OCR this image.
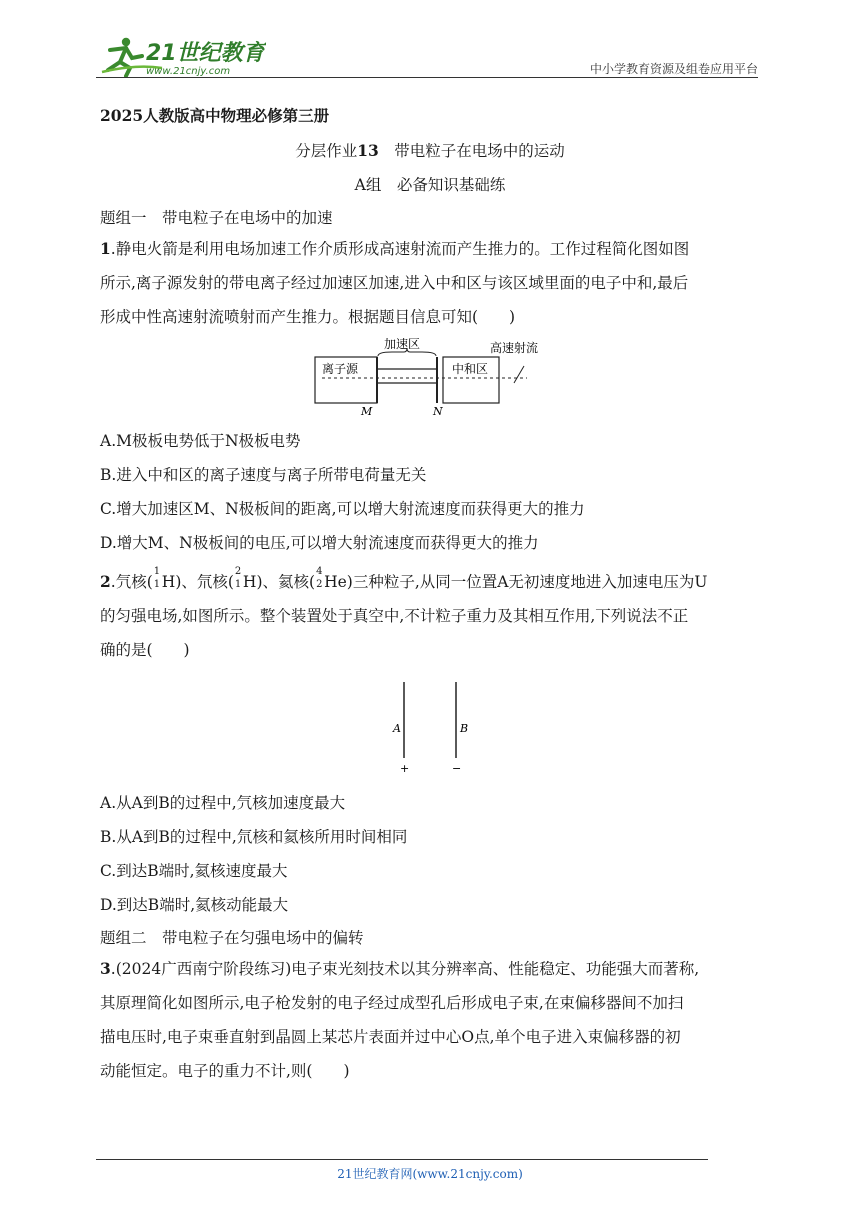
21世纪教育
www.21cnjy.com	中小学教育资源及组卷应用平台
2025人教版高中物理必修第三册
分层作业13　 带电粒子在电场中的运动
A组　必备知识基础练
题组一　带电粒子在电场中的加速
1.静电火箭是利用电场加速工作介质形成高速射流而产生推力的。工作过程简化图如图
所示,离子源发射的带电离子经过加速区加速,进入中和区与该区域里面的电子中和,最后
形成中性高速射流喷射而产生推力。根据题目信息可知(　　)
离子源
加速区
中和区
高速射流
M	N
A.M极板电势低于N极板电势
B.进入中和区的离子速度与离子所带电荷量无关
C.增大加速区M、N极板间的距离,可以增大射流速度而获得更大的推力
D.增大M、N极板间的电压,可以增大射流速度而获得更大的推力
2.氕核(
1
1 H)、氘核(
2
1 H)、氦核(
4
2 He)三种粒子,从同一位置A无初速度地进入加速电压为U
的匀强电场,如图所示。整个装置处于真空中,不计粒子重力及其相互作用,下列说法不正
确的是(　　)
A	B
+	−
A.从A到B的过程中,氕核加速度最大
B.从A到B的过程中,氘核和氦核所用时间相同
C.到达B端时,氦核速度最大
D.到达B端时,氦核动能最大
题组二　带电粒子在匀强电场中的偏转
3.(2024广西南宁阶段练习)电子束光刻技术以其分辨率高、性能稳定、功能强大而著称,
其原理简化如图所示,电子枪发射的电子经过成型孔后形成电子束,在束偏移器间不加扫
描电压时,电子束垂直射到晶圆上某芯片表面并过中心O点,单个电子进入束偏移器的初
动能恒定。电子的重力不计,则(　　)
21世纪教育网(www.21cnjy.com)
